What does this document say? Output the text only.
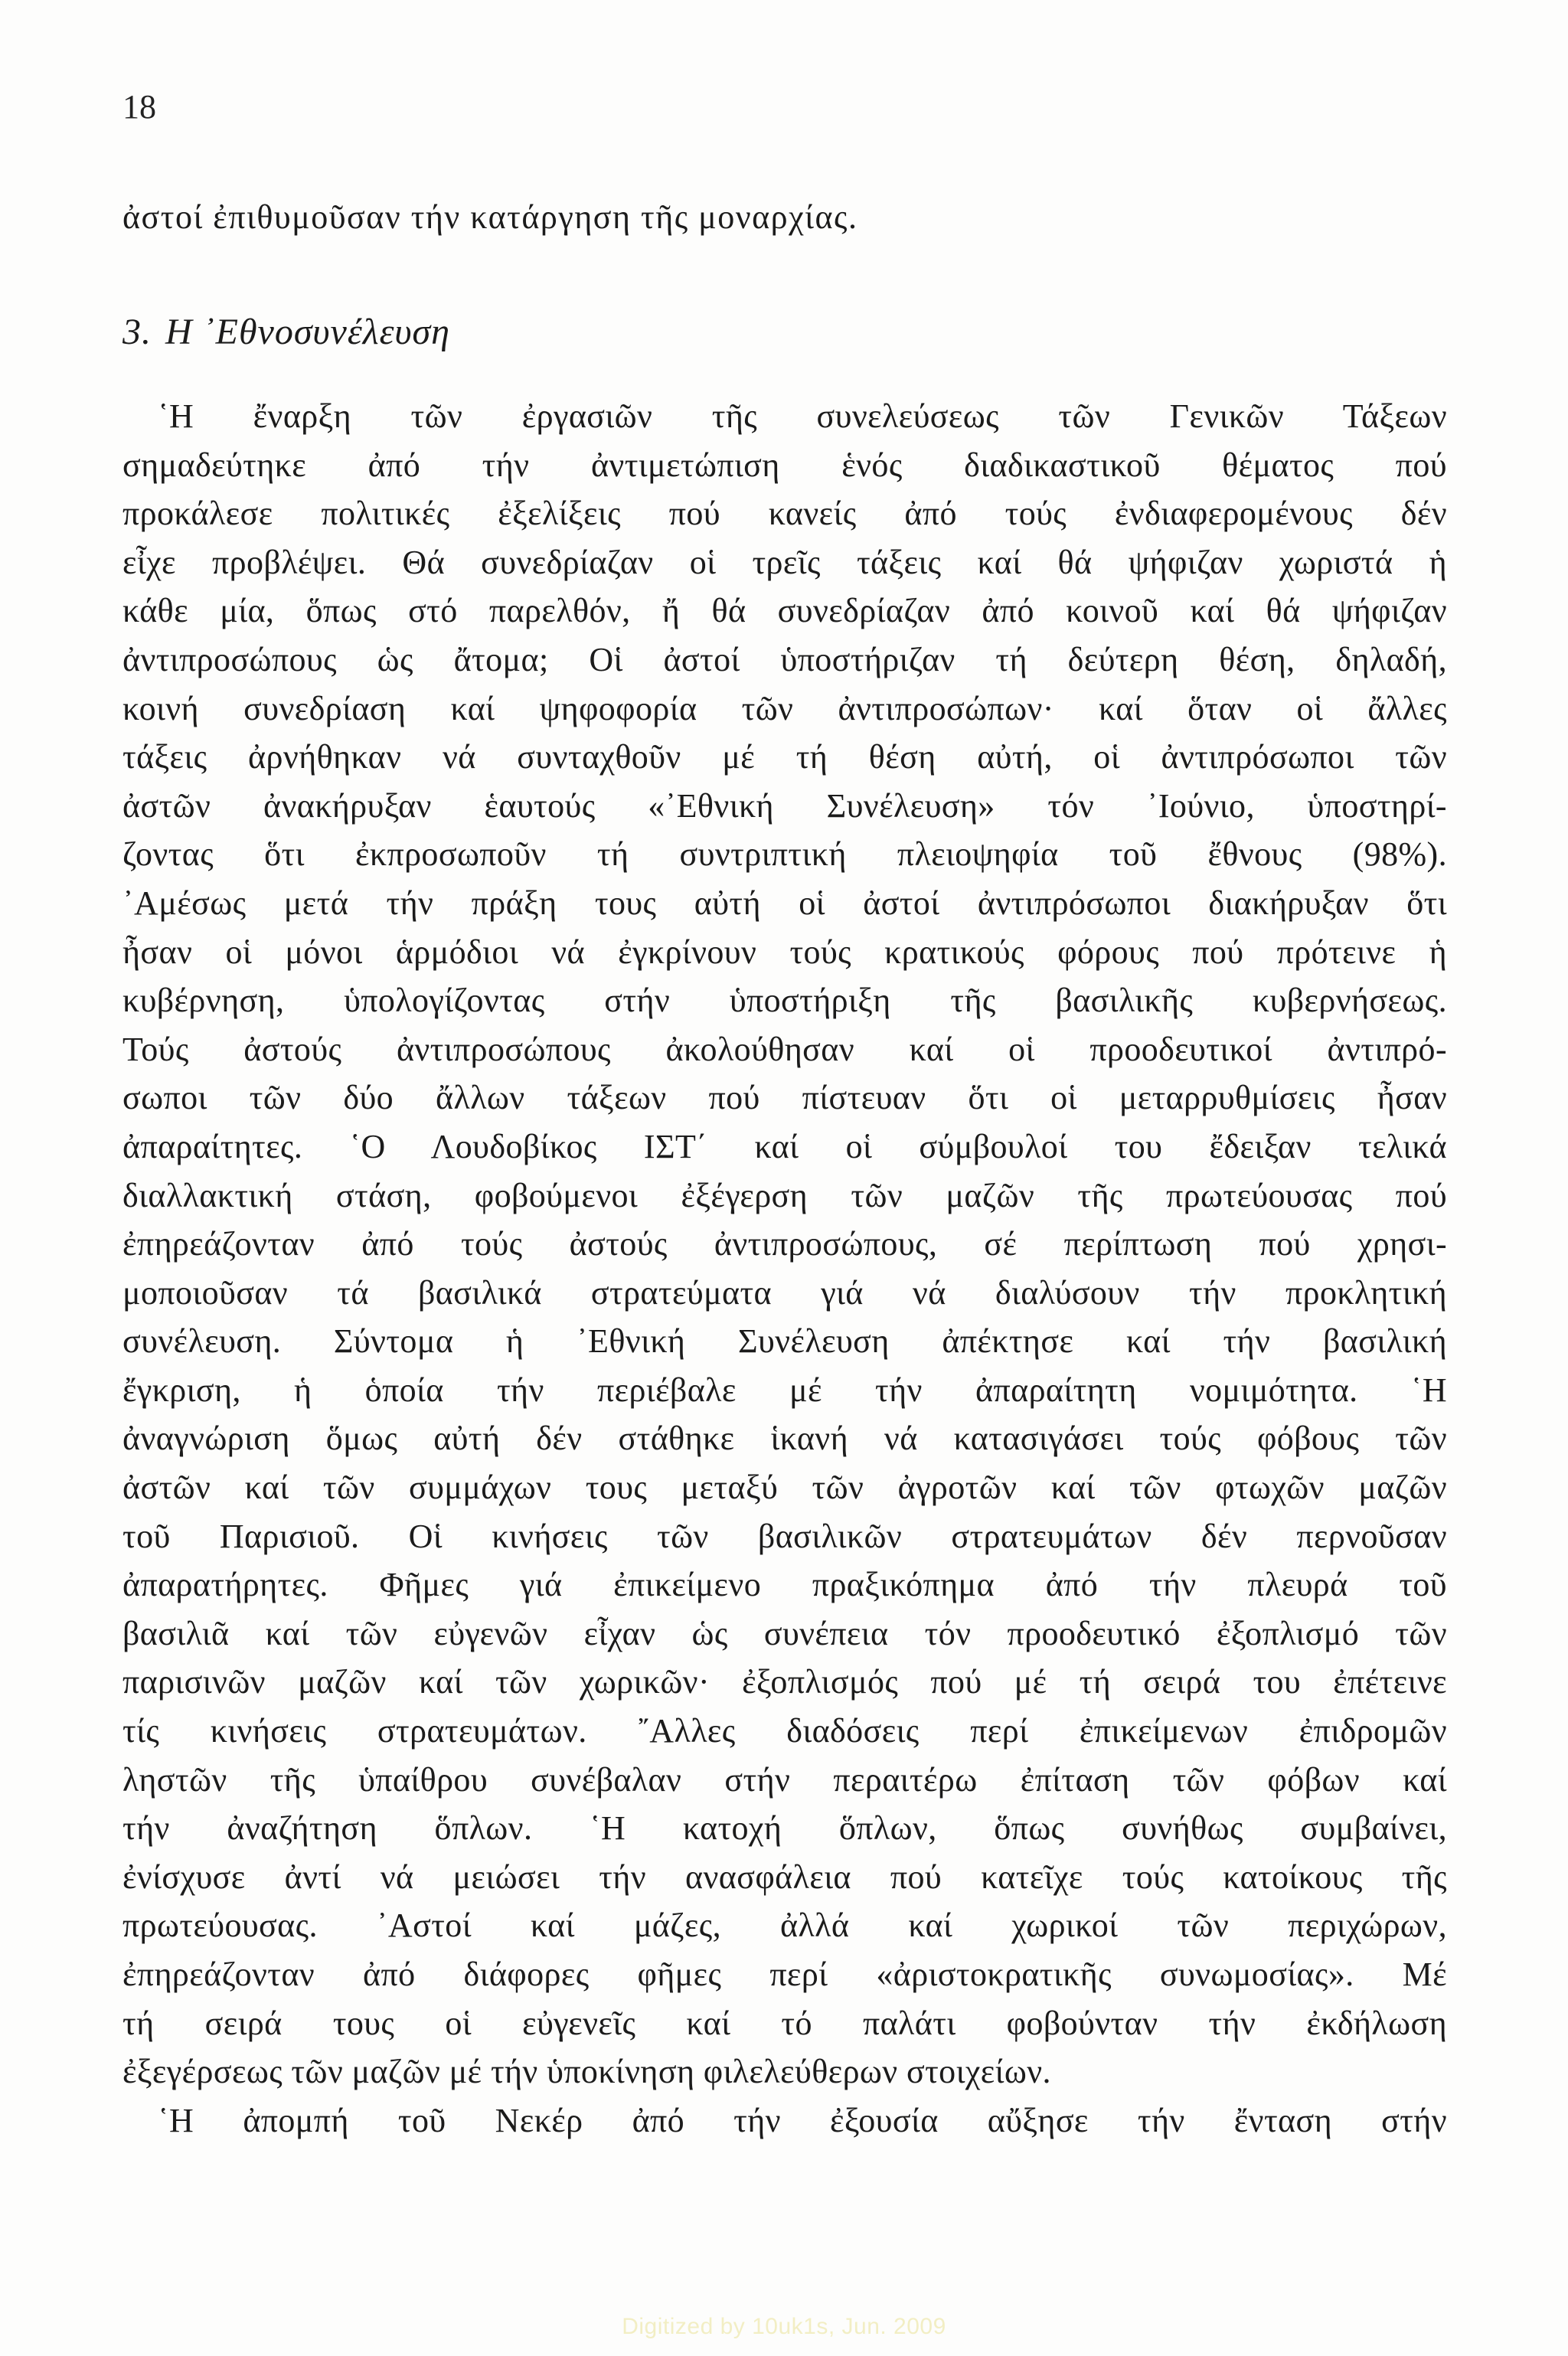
18
ἀστοί ἐπιθυμοῦσαν τήν κατάργηση τῆς μοναρχίας.
3. Η ᾿Εθνοσυνέλευση
῾Η ἔναρξη τῶν ἐργασιῶν τῆς συνελεύσεως τῶν Γενικῶν Τάξεων
σημαδεύτηκε ἀπό τήν ἀντιμετώπιση ἑνός διαδικαστικοῦ θέματος πού
προκάλεσε πολιτικές ἐξελίξεις πού κανείς ἀπό τούς ἐνδιαφερομένους δέν
εἶχε προβλέψει. Θά συνεδρίαζαν οἱ τρεῖς τάξεις καί θά ψήφιζαν χωριστά ἡ
κάθε μία, ὅπως στό παρελθόν, ἤ θά συνεδρίαζαν ἀπό κοινοῦ καί θά ψήφιζαν
ἀντιπροσώπους ὡς ἄτομα; Οἱ ἀστοί ὑποστήριζαν τή δεύτερη θέση, δηλαδή,
κοινή συνεδρίαση καί ψηφοφορία τῶν ἀντιπροσώπων· καί ὅταν οἱ ἄλλες
τάξεις ἀρνήθηκαν νά συνταχθοῦν μέ τή θέση αὐτή, οἱ ἀντιπρόσωποι τῶν
ἀστῶν ἀνακήρυξαν ἑαυτούς «᾿Εθνική Συνέλευση» τόν ᾿Ιούνιο, ὑποστηρί-
ζοντας ὅτι ἐκπροσωποῦν τή συντριπτική πλειοψηφία τοῦ ἔθνους (98%).
᾿Αμέσως μετά τήν πράξη τους αὐτή οἱ ἀστοί ἀντιπρόσωποι διακήρυξαν ὅτι
ἦσαν οἱ μόνοι ἁρμόδιοι νά ἐγκρίνουν τούς κρατικούς φόρους πού πρότεινε ἡ
κυβέρνηση, ὑπολογίζοντας στήν ὑποστήριξη τῆς βασιλικῆς κυβερνήσεως.
Τούς ἀστούς ἀντιπροσώπους ἀκολούθησαν καί οἱ προοδευτικοί ἀντιπρό-
σωποι τῶν δύο ἄλλων τάξεων πού πίστευαν ὅτι οἱ μεταρρυθμίσεις ἦσαν
ἀπαραίτητες. ῾Ο Λουδοβίκος ΙΣΤ΄ καί οἱ σύμβουλοί του ἔδειξαν τελικά
διαλλακτική στάση, φοβούμενοι ἐξέγερση τῶν μαζῶν τῆς πρωτεύουσας πού
ἐπηρεάζονταν ἀπό τούς ἀστούς ἀντιπροσώπους, σέ περίπτωση πού χρησι-
μοποιοῦσαν τά βασιλικά στρατεύματα γιά νά διαλύσουν τήν προκλητική
συνέλευση. Σύντομα ἡ ᾿Εθνική Συνέλευση ἀπέκτησε καί τήν βασιλική
ἔγκριση, ἡ ὁποία τήν περιέβαλε μέ τήν ἀπαραίτητη νομιμότητα. ῾Η
ἀναγνώριση ὅμως αὐτή δέν στάθηκε ἱκανή νά κατασιγάσει τούς φόβους τῶν
ἀστῶν καί τῶν συμμάχων τους μεταξύ τῶν ἀγροτῶν καί τῶν φτωχῶν μαζῶν
τοῦ Παρισιοῦ. Οἱ κινήσεις τῶν βασιλικῶν στρατευμάτων δέν περνοῦσαν
ἀπαρατήρητες. Φῆμες γιά ἐπικείμενο πραξικόπημα ἀπό τήν πλευρά τοῦ
βασιλιᾶ καί τῶν εὐγενῶν εἶχαν ὡς συνέπεια τόν προοδευτικό ἐξοπλισμό τῶν
παρισινῶν μαζῶν καί τῶν χωρικῶν· ἐξοπλισμός πού μέ τή σειρά του ἐπέτεινε
τίς κινήσεις στρατευμάτων. ῎Αλλες διαδόσεις περί ἐπικείμενων ἐπιδρομῶν
ληστῶν τῆς ὑπαίθρου συνέβαλαν στήν περαιτέρω ἐπίταση τῶν φόβων καί
τήν ἀναζήτηση ὅπλων. ῾Η κατοχή ὅπλων, ὅπως συνήθως συμβαίνει,
ἐνίσχυσε ἀντί νά μειώσει τήν ανασφάλεια πού κατεῖχε τούς κατοίκους τῆς
πρωτεύουσας. ᾿Αστοί καί μάζες, ἀλλά καί χωρικοί τῶν περιχώρων,
ἐπηρεάζονταν ἀπό διάφορες φῆμες περί «ἀριστοκρατικῆς συνωμοσίας». Μέ
τή σειρά τους οἱ εὐγενεῖς καί τό παλάτι φοβούνταν τήν ἐκδήλωση
ἐξεγέρσεως τῶν μαζῶν μέ τήν ὑποκίνηση φιλελεύθερων στοιχείων.
῾Η ἀπομπή τοῦ Νεκέρ ἀπό τήν ἐξουσία αὔξησε τήν ἔνταση στήν
Digitized by 10uk1s, Jun. 2009
